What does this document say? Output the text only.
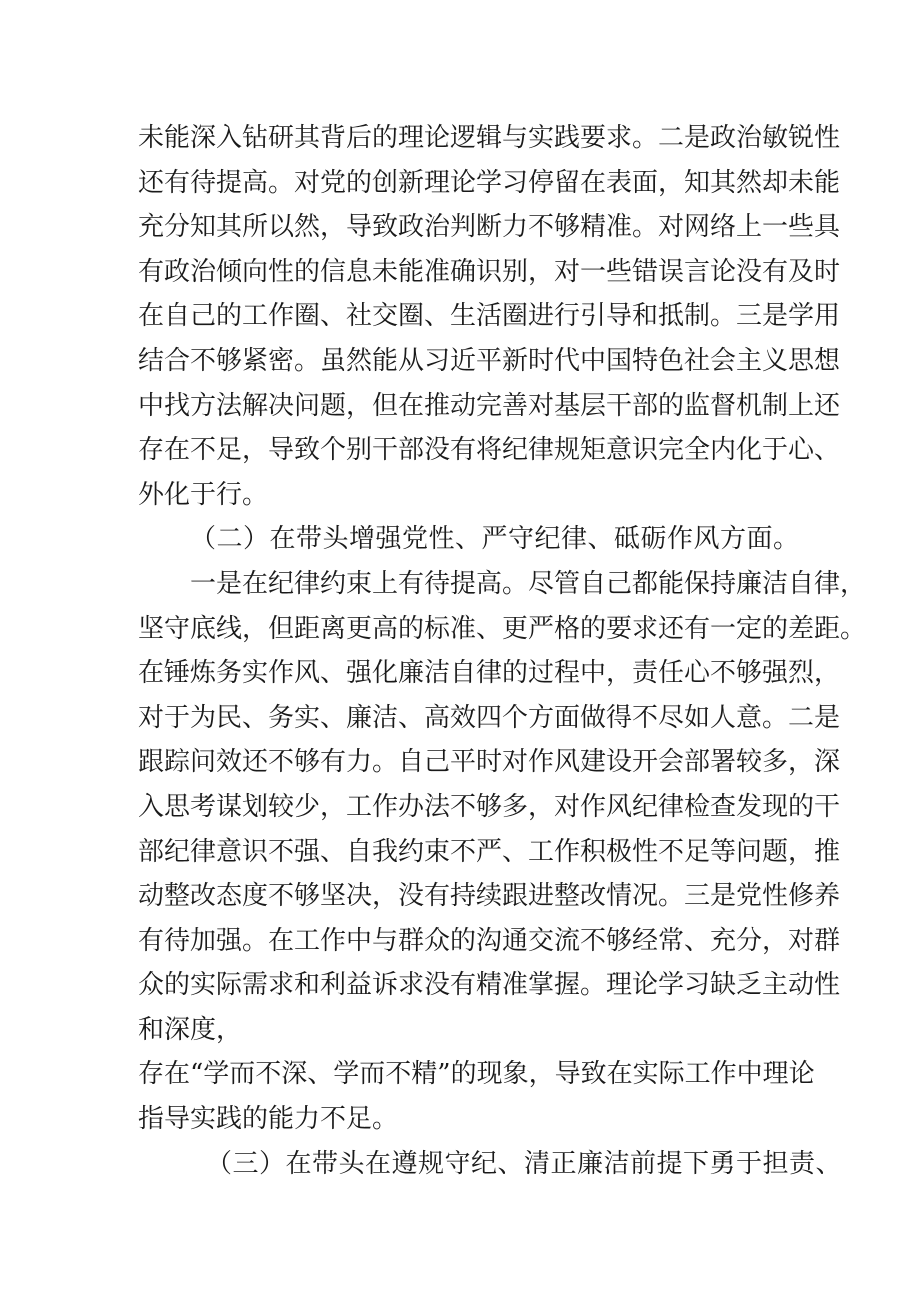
未能深入钻研其背后的理论逻辑与实践要求。二是政治敏锐性
还有待提高。对党的创新理论学习停留在表面，知其然却未能
充分知其所以然，导致政治判断力不够精准。对网络上一些具
有政治倾向性的信息未能准确识别，对一些错误言论没有及时
在自己的工作圈、社交圈、生活圈进行引导和抵制。三是学用
结合不够紧密。虽然能从习近平新时代中国特色社会主义思想
中找方法解决问题，但在推动完善对基层干部的监督机制上还
存在不足，导致个别干部没有将纪律规矩意识完全内化于心、
外化于行。
（二）在带头增强党性、严守纪律、砥砺作风方面。
一是在纪律约束上有待提高。尽管自己都能保持廉洁自律，
坚守底线，但距离更高的标准、更严格的要求还有一定的差距。
在锤炼务实作风、强化廉洁自律的过程中，责任心不够强烈，
对于为民、务实、廉洁、高效四个方面做得不尽如人意。二是
跟踪问效还不够有力。自己平时对作风建设开会部署较多，深
入思考谋划较少，工作办法不够多，对作风纪律检查发现的干
部纪律意识不强、自我约束不严、工作积极性不足等问题，推
动整改态度不够坚决，没有持续跟进整改情况。三是党性修养
有待加强。在工作中与群众的沟通交流不够经常、充分，对群
众的实际需求和利益诉求没有精准掌握。理论学习缺乏主动性
和深度，
存在“学而不深、学而不精”的现象，导致在实际工作中理论
指导实践的能力不足。
（三）在带头在遵规守纪、清正廉洁前提下勇于担责、
